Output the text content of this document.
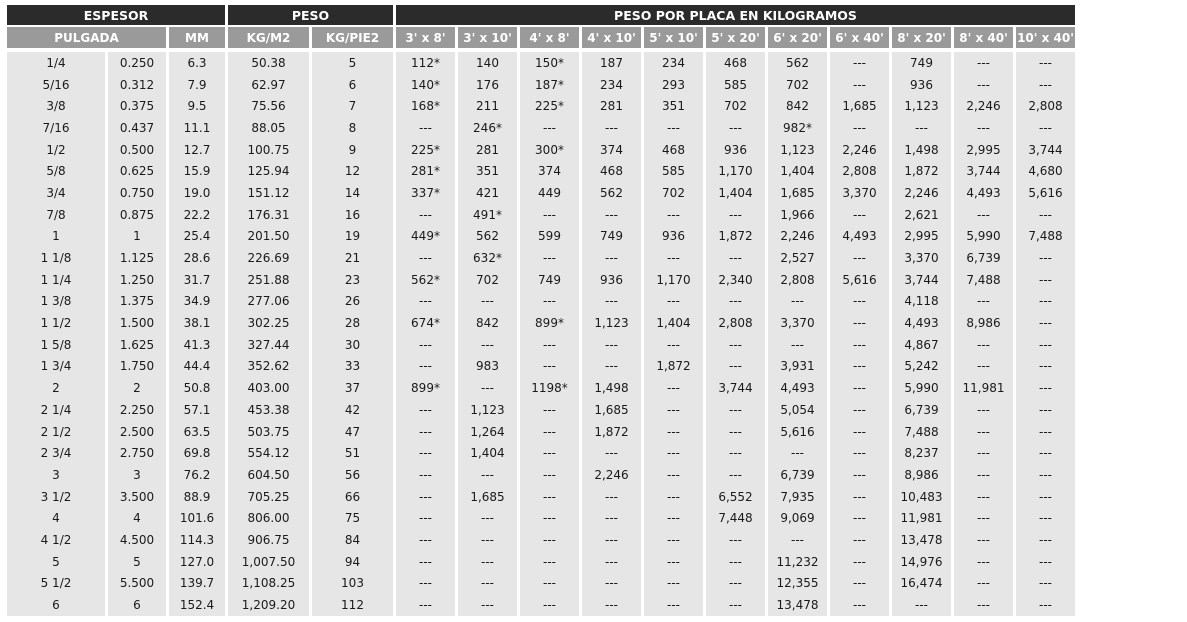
ESPESOR			PESO		PESO POR PLACA EN KILOGRAMOS										
PULGADA		MM	KG/M2	KG/PIE2	3' x 8'	3' x 10'	4' x 8'	4' x 10'	5' x 10'	5' x 20'	6' x 20'	6' x 40'	8' x 20'	8' x 40'	10' x 40'

1/4	0.250	6.3	50.38	5	112*	140	150*	187	234	468	562	---	749	---	---
5/16	0.312	7.9	62.97	6	140*	176	187*	234	293	585	702	---	936	---	---
3/8	0.375	9.5	75.56	7	168*	211	225*	281	351	702	842	1,685	1,123	2,246	2,808
7/16	0.437	11.1	88.05	8	---	246*	---	---	---	---	982*	---	---	---	---
1/2	0.500	12.7	100.75	9	225*	281	300*	374	468	936	1,123	2,246	1,498	2,995	3,744
5/8	0.625	15.9	125.94	12	281*	351	374	468	585	1,170	1,404	2,808	1,872	3,744	4,680
3/4	0.750	19.0	151.12	14	337*	421	449	562	702	1,404	1,685	3,370	2,246	4,493	5,616
7/8	0.875	22.2	176.31	16	---	491*	---	---	---	---	1,966	---	2,621	---	---
1	1	25.4	201.50	19	449*	562	599	749	936	1,872	2,246	4,493	2,995	5,990	7,488
1 1/8	1.125	28.6	226.69	21	---	632*	---	---	---	---	2,527	---	3,370	6,739	---
1 1/4	1.250	31.7	251.88	23	562*	702	749	936	1,170	2,340	2,808	5,616	3,744	7,488	---
1 3/8	1.375	34.9	277.06	26	---	---	---	---	---	---	---	---	4,118	---	---
1 1/2	1.500	38.1	302.25	28	674*	842	899*	1,123	1,404	2,808	3,370	---	4,493	8,986	---
1 5/8	1.625	41.3	327.44	30	---	---	---	---	---	---	---	---	4,867	---	---
1 3/4	1.750	44.4	352.62	33	---	983	---	---	1,872	---	3,931	---	5,242	---	---
2	2	50.8	403.00	37	899*	---	1198*	1,498	---	3,744	4,493	---	5,990	11,981	---
2 1/4	2.250	57.1	453.38	42	---	1,123	---	1,685	---	---	5,054	---	6,739	---	---
2 1/2	2.500	63.5	503.75	47	---	1,264	---	1,872	---	---	5,616	---	7,488	---	---
2 3/4	2.750	69.8	554.12	51	---	1,404	---	---	---	---	---	---	8,237	---	---
3	3	76.2	604.50	56	---	---	---	2,246	---	---	6,739	---	8,986	---	---
3 1/2	3.500	88.9	705.25	66	---	1,685	---	---	---	6,552	7,935	---	10,483	---	---
4	4	101.6	806.00	75	---	---	---	---	---	7,448	9,069	---	11,981	---	---
4 1/2	4.500	114.3	906.75	84	---	---	---	---	---	---	---	---	13,478	---	---
5	5	127.0	1,007.50	94	---	---	---	---	---	---	11,232	---	14,976	---	---
5 1/2	5.500	139.7	1,108.25	103	---	---	---	---	---	---	12,355	---	16,474	---	---
6	6	152.4	1,209.20	112	---	---	---	---	---	---	13,478	---	---	---	---
